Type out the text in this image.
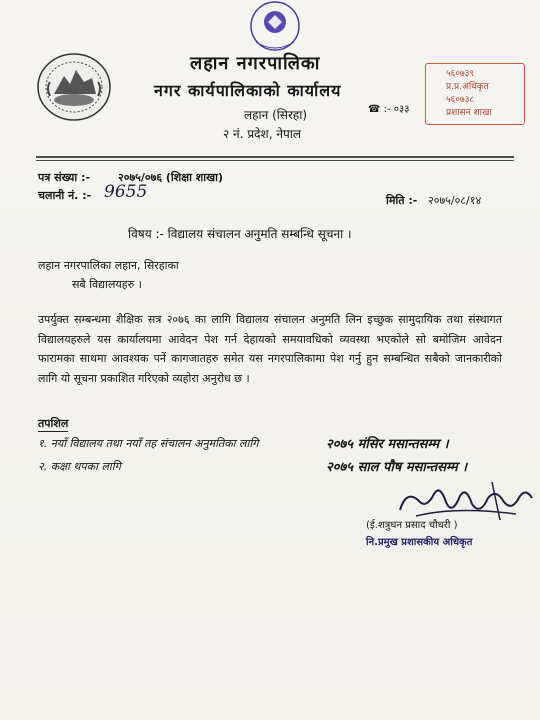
लहान नगरपालिका
नगर कार्यपालिकाको कार्यालय
लहान (सिरहा)
२ नं. प्रदेश, नेपाल
☎ :- ०३३
५६०७३९
प्र.प्र.अधिकृत
५६०७३८
प्रशासन शाखा
पत्र संख्या :-	२०७५/०७६ (शिक्षा शाखा)
चलानी नं. :- 9655	मिति :- २०७५/०८/१४
विषय :- विद्यालय संचालन अनुमति सम्बन्धि सूचना ।
लहान नगरपालिका लहान, सिरहाका
सबै विद्यालयहरु ।
उपर्युक्त सम्बन्धमा शैक्षिक सत्र २०७६ का लागि विद्यालय संचालन अनुमति लिन इच्छुक सामुदायिक तथा संस्थागत विद्यालयहरुले यस कार्यालयमा आवेदन पेश गर्न देहायको समयावधिको व्यवस्था भएकोले सो बमोजिम आवेदन फारामका साथमा आवश्यक पर्ने कागजातहरु समेत यस नगरपालिकामा पेश गर्नु हुन सम्बन्धित सबैको जानकारीको लागि यो सूचना प्रकाशित गरिएको व्यहोरा अनुरोध छ ।
तपशिल
१. नयाँ विद्यालय तथा नयाँ तह संचालन अनुमतिका लागि	२०७५ मंसिर मसान्तसम्म ।
२. कक्षा थपका लागि	२०७५ साल पौष मसान्तसम्म ।
(ई.शत्रुधन प्रसाद चौधरी )
नि.प्रमुख प्रशासकीय अधिकृत
